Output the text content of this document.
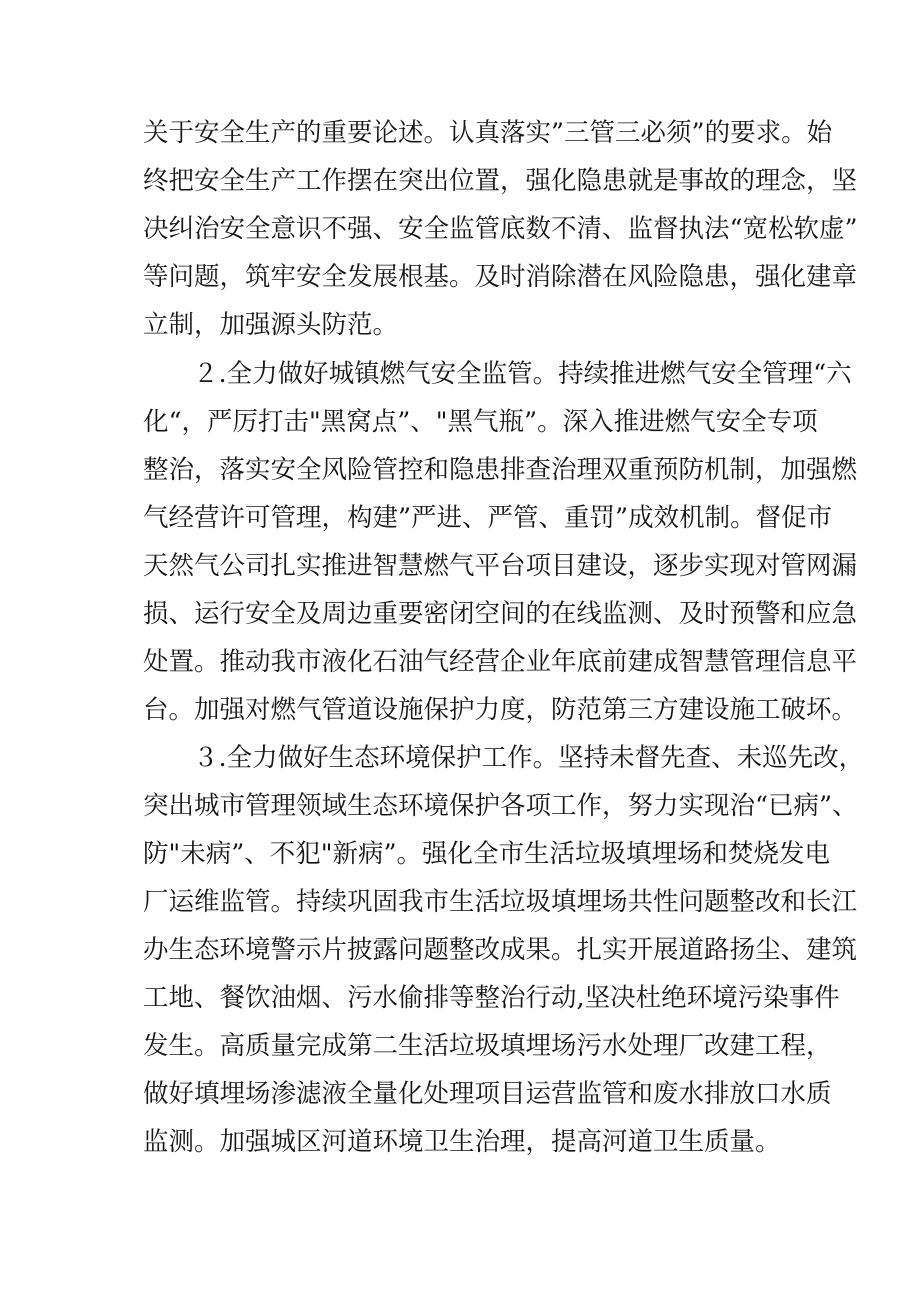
关于安全生产的重要论述。认真落实”三管三必须”的要求。始

终把安全生产工作摆在突出位置，强化隐患就是事故的理念，坚

决纠治安全意识不强、安全监管底数不清、监督执法“宽松软虚”

等问题，筑牢安全发展根基。及时消除潜在风险隐患，强化建章

立制，加强源头防范。

２.全力做好城镇燃气安全监管。持续推进燃气安全管理“六

化“，严厉打击"黑窝点”、"黑气瓶”。深入推进燃气安全专项

整治，落实安全风险管控和隐患排查治理双重预防机制，加强燃

气经营许可管理，构建”严进、严管、重罚”成效机制。督促市

天然气公司扎实推进智慧燃气平台项目建设，逐步实现对管网漏

损、运行安全及周边重要密闭空间的在线监测、及时预警和应急

处置。推动我市液化石油气经营企业年底前建成智慧管理信息平

台。加强对燃气管道设施保护力度，防范第三方建设施工破坏。

３.全力做好生态环境保护工作。坚持未督先查、未巡先改，

突出城市管理领域生态环境保护各项工作，努力实现治“已病”、

防"未病”、不犯"新病”。强化全市生活垃圾填埋场和焚烧发电

厂运维监管。持续巩固我市生活垃圾填埋场共性问题整改和长江

办生态环境警示片披露问题整改成果。扎实开展道路扬尘、建筑

工地、餐饮油烟、污水偷排等整治行动,坚决杜绝环境污染事件

发生。高质量完成第二生活垃圾填埋场污水处理厂改建工程，

做好填埋场渗滤液全量化处理项目运营监管和废水排放口水质

监测。加强城区河道环境卫生治理，提高河道卫生质量。
